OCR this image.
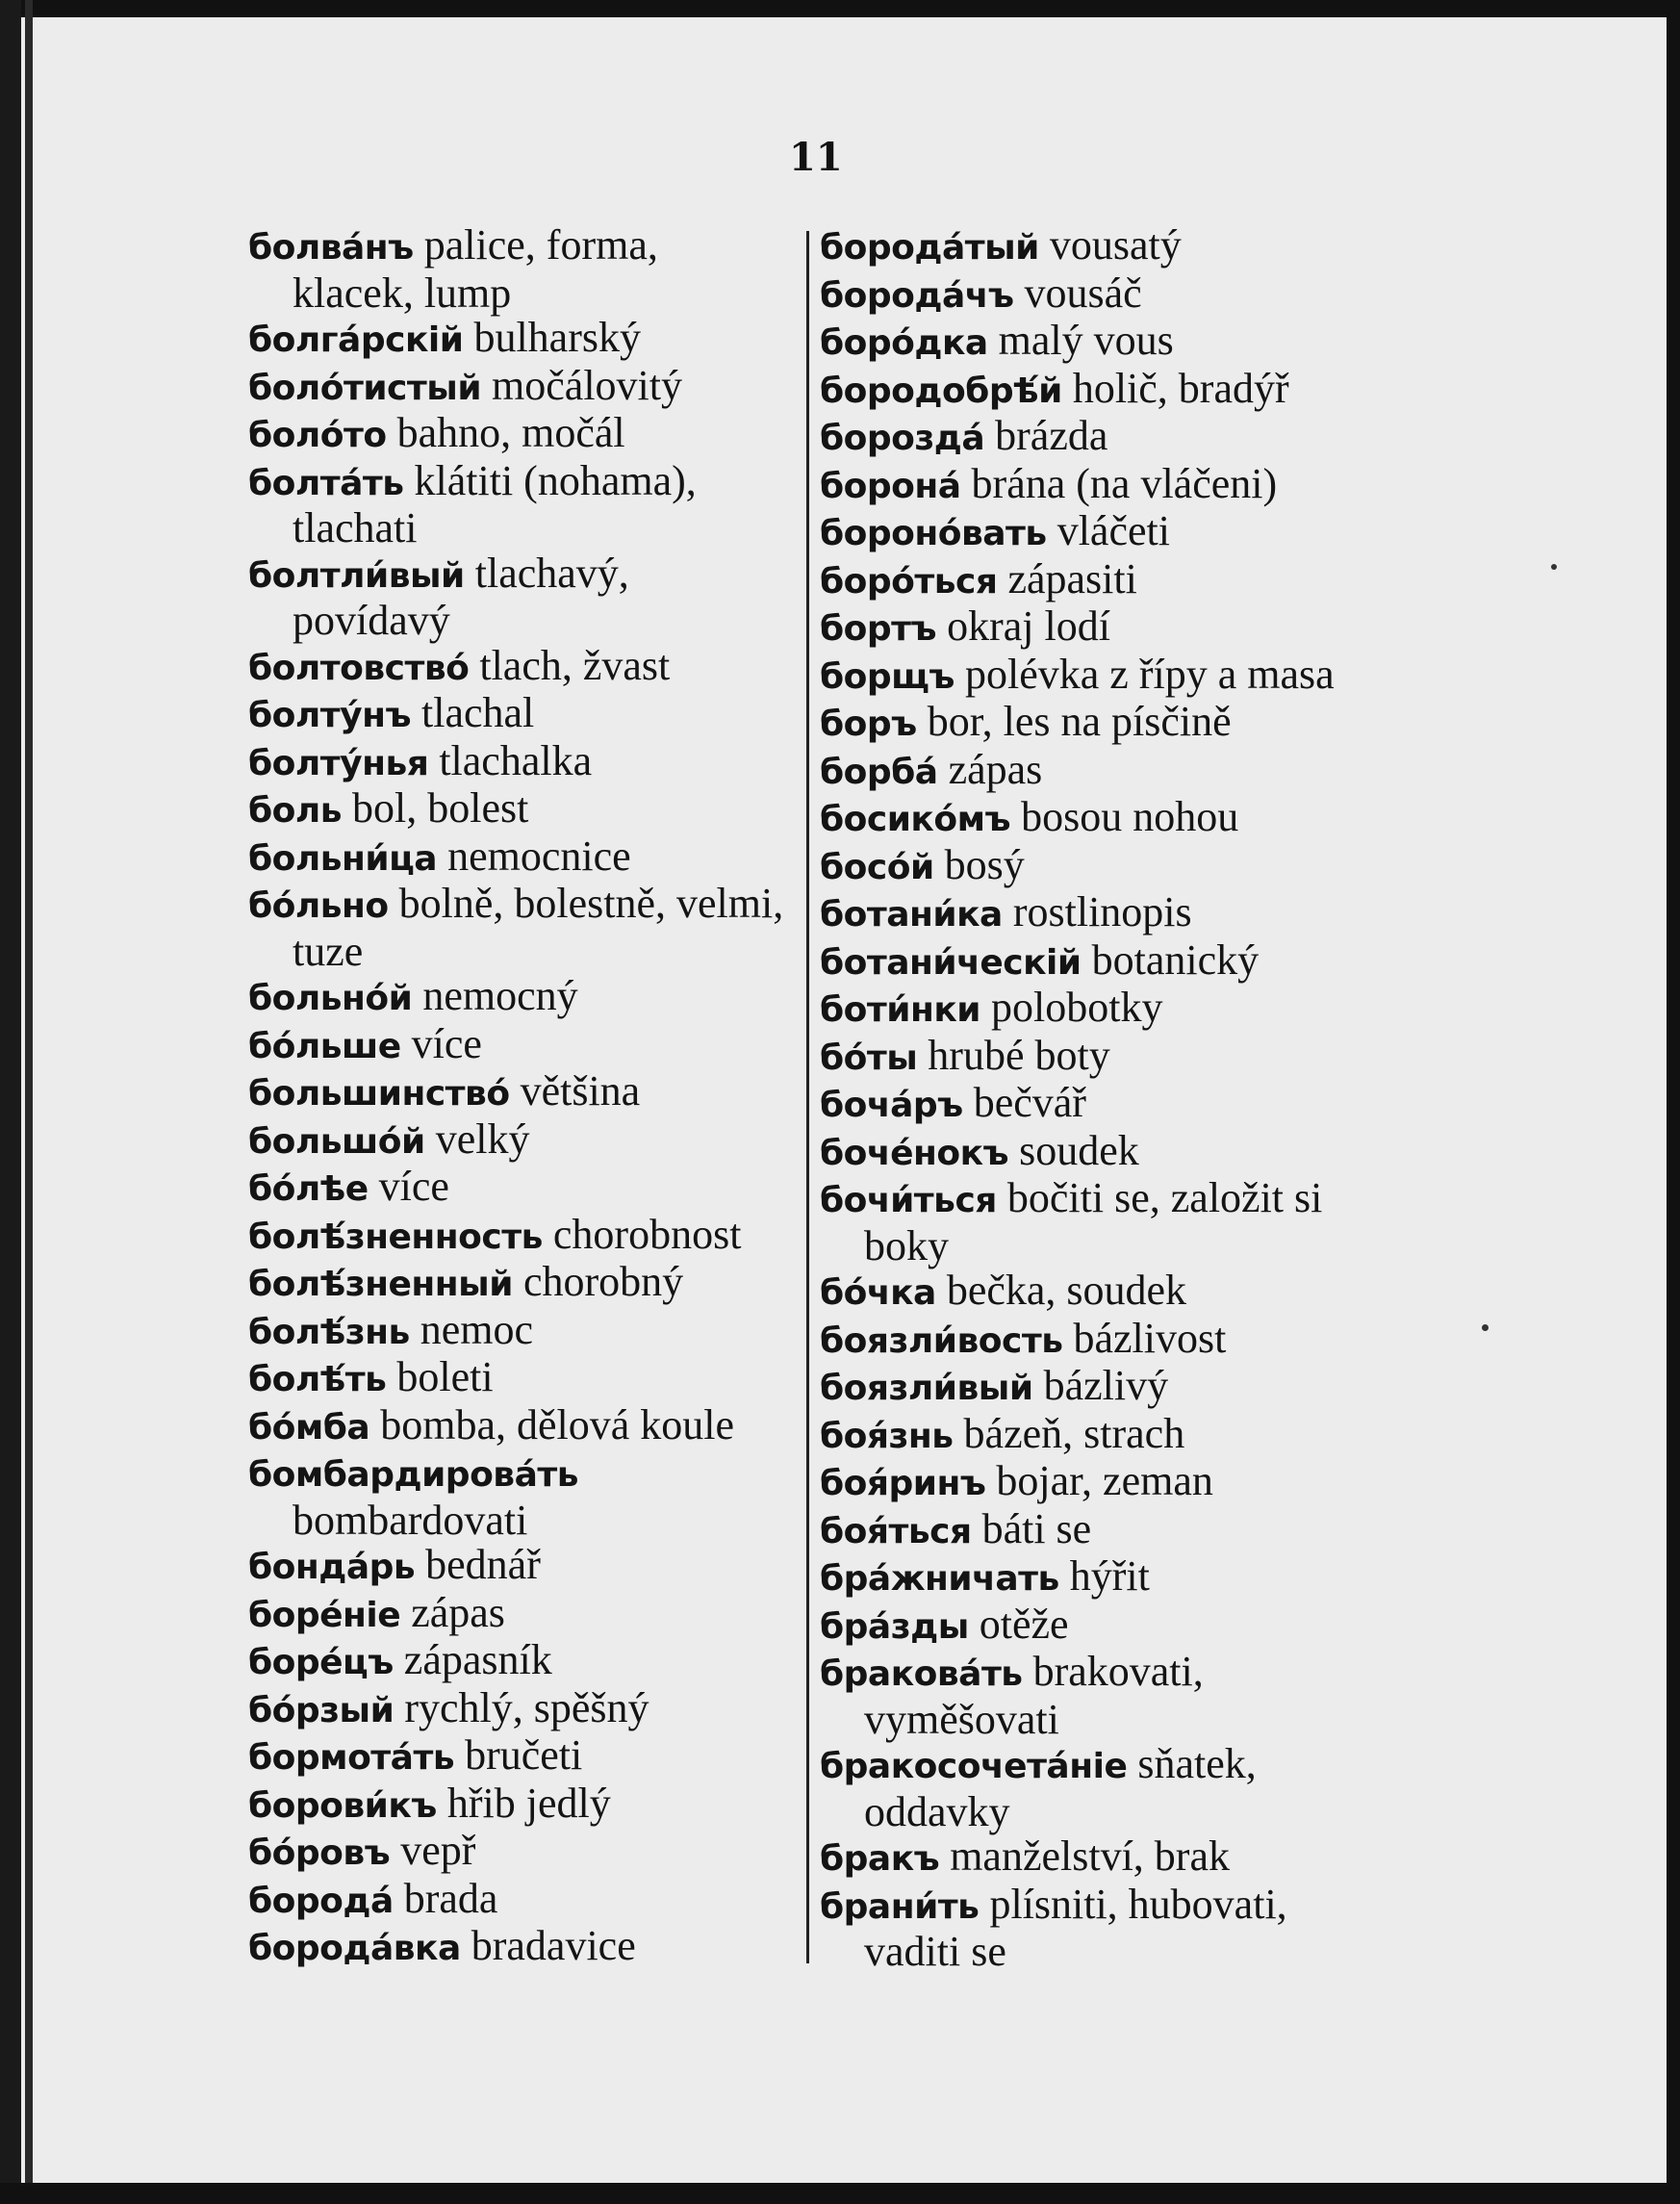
11

болва́нъ palice, forma, klacek, lump

болга́рскій bulharský

боло́тистый močálovitý

боло́то bahno, močál

болта́ть klátiti (nohama), tlachati

болтли́вый tlachavý, povídavý

болтовство́ tlach, žvast

болту́нъ tlachal

болту́нья tlachalka

боль bol, bolest

больни́ца nemocnice

бо́льно bolně, bolestně, velmi, tuze

больно́й nemocný

бо́льше více

большинство́ většina

большо́й velký

бо́лѣе více

болѣ́зненность chorobnost

болѣ́зненный chorobný

болѣ́знь nemoc

болѣ́ть boleti

бо́мба bomba, dělová koule

бомбардирова́ть bombardovati

бонда́рь bednář

боре́ніе zápas

боре́цъ zápasník

бо́рзый rychlý, spěšný

бормота́ть bručeti

борови́къ hřib jedlý

бо́ровъ vepř

борода́ brada

борода́вка bradavice

борода́тый vousatý

борода́чъ vousáč

боро́дка malý vous

бородобрѣ́й holič, bradýř

борозда́ brázda

борона́ brána (na vláčeni)

бороно́вать vláčeti

боро́ться zápasiti

бортъ okraj lodí

борщъ polévka z řípy a masa

боръ bor, les na písčině

борба́ zápas

босико́мъ bosou nohou

босо́й bosý

ботани́ка rostlinopis

ботани́ческій botanický

боти́нки polobotky

бо́ты hrubé boty

боча́ръ bečvář

боче́нокъ soudek

бочи́ться bočiti se, založit si boky

бо́чка bečka, soudek

боязли́вость bázlivost

боязли́вый bázlivý

боя́знь bázeň, strach

боя́ринъ bojar, zeman

боя́ться báti se

бра́жничать hýřit

бра́зды otěže

бракова́ть brakovati, vyměšovati

бракосочета́ніе sňatek, oddavky

бракъ manželství, brak

брани́ть plísniti, hubovati, vaditi se
